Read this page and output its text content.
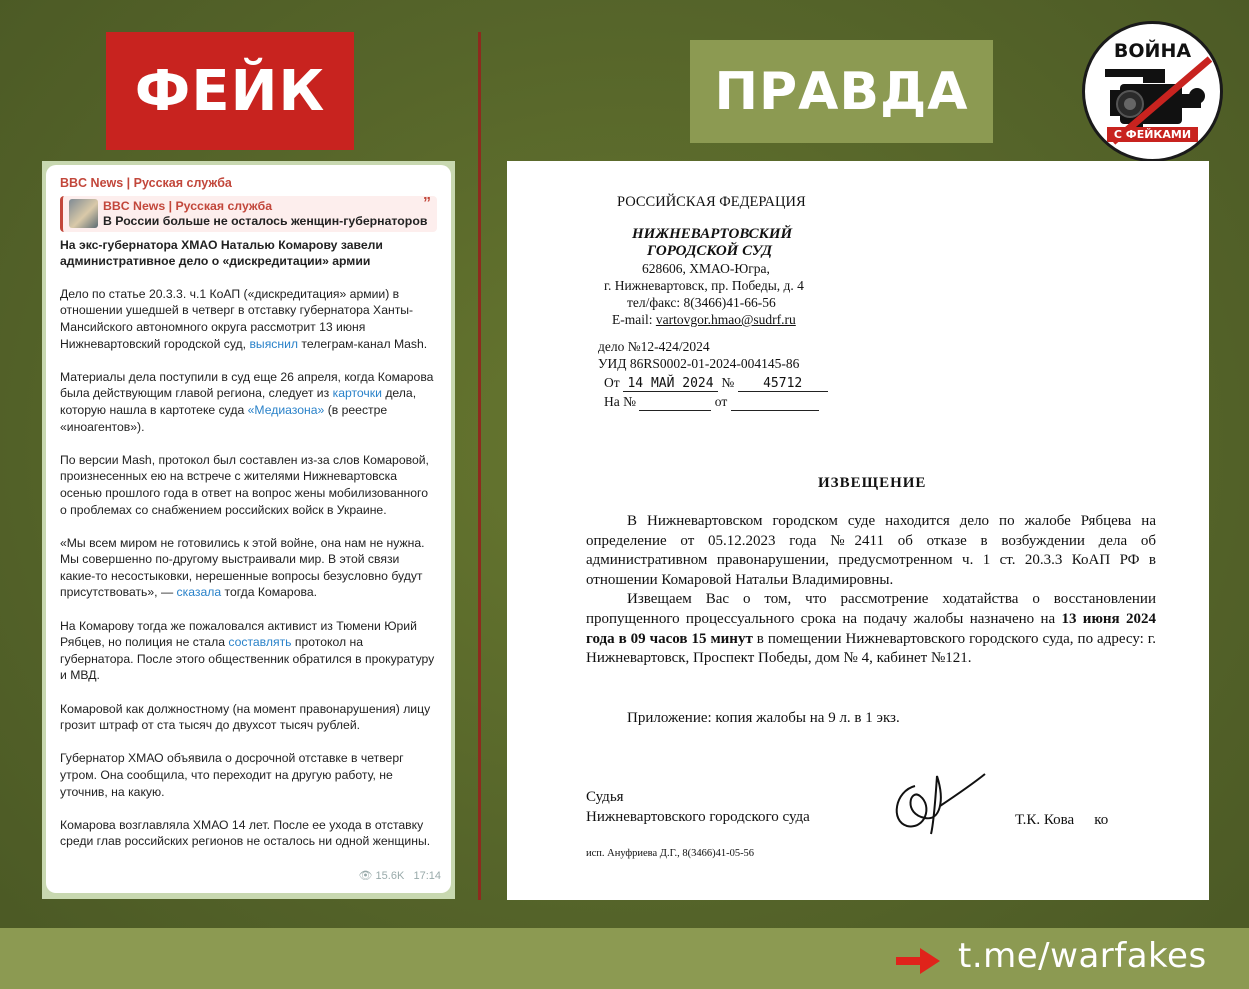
ФЕЙК	ПРАВДА
ВОЙНА
С ФЕЙКАМИ
BBC News | Русская служба
BBC News | Русская служба
В России больше не осталось женщин-губернаторов
”
На экс-губернатора ХМАО Наталью Комарову завели административное дело о «дискредитации» армии

Дело по статье 20.3.3. ч.1 КоАП («дискредитация» армии) в отношении ушедшей в четверг в отставку губернатора Ханты-Мансийского автономного округа рассмотрит 13 июня Нижневартовский городской суд, выяснил телеграм-канал Mash.

Материалы дела поступили в суд еще 26 апреля, когда Комарова была действующим главой региона, следует из карточки дела, которую нашла в картотеке суда «Медиазона» (в реестре «иноагентов»).

По версии Mash, протокол был составлен из-за слов Комаровой, произнесенных ею на встрече с жителями Нижневартовска осенью прошлого года в ответ на вопрос жены мобилизованного о проблемах со снабжением российских войск в Украине.

«Мы всем миром не готовились к этой войне, она нам не нужна. Мы совершенно по-другому выстраивали мир. В этой связи какие-то несостыковки, нерешенные вопросы безусловно будут присутствовать», — сказала тогда Комарова.

На Комарову тогда же пожаловался активист из Тюмени Юрий Рябцев, но полиция не стала составлять протокол на губернатора. После этого общественник обратился в прокуратуру и МВД.

Комаровой как должностному (на момент правонарушения) лицу грозит штраф от ста тысяч до двухсот тысяч рублей.

Губернатор ХМАО объявила о досрочной отставке в четверг утром. Она сообщила, что переходит на другую работу, не уточнив, на какую.

Комарова возглавляла ХМАО 14 лет. После ее ухода в отставку среди глав российских регионов не осталось ни одной женщины.

👁 15.6K 17:14
РОССИЙСКАЯ ФЕДЕРАЦИЯ
НИЖНЕВАРТОВСКИЙ
ГОРОДСКОЙ СУД
628606, ХМАО-Югра,
г. Нижневартовск, пр. Победы, д. 4
тел/факс: 8(3466)41-66-56
E-mail: vartovgor.hmao@sudrf.ru
дело №12-424/2024
УИД 86RS0002-01-2024-004145-86
От 14 МАЙ 2024 № 45712
На №	от
ИЗВЕЩЕНИЕ

В Нижневартовском городском суде находится дело по жалобе Рябцева на определение от 05.12.2023 года №2411 об отказе в возбуждении дела об административном правонарушении, предусмотренном ч. 1 ст. 20.3.3 КоАП РФ в отношении Комаровой Натальи Владимировны.

Извещаем Вас о том, что рассмотрение ходатайства о восстановлении пропущенного процессуального срока на подачу жалобы назначено на 13 июня 2024 года в 09 часов 15 минут в помещении Нижневартовского городского суда, по адресу: г. Нижневартовск, Проспект Победы, дом № 4, кабинет №121.

Приложение: копия жалобы на 9 л. в 1 экз.
Судья
Нижневартовского городского суда	Т.К. Кова ко
исп. Ануфриева Д.Г., 8(3466)41-05-56
t.me/warfakes
